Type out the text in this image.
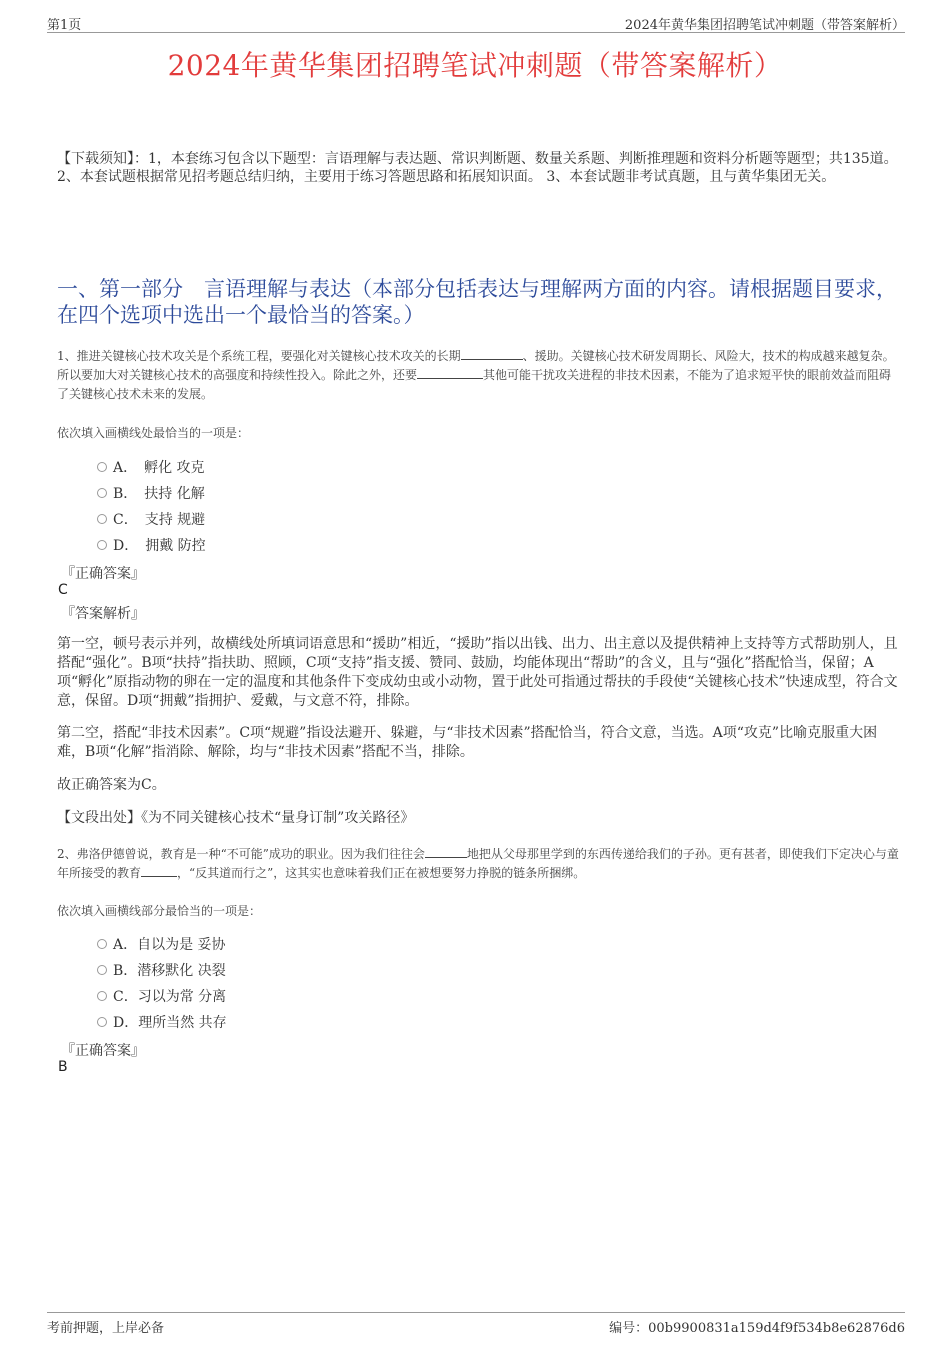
第1页	2024年黄华集团招聘笔试冲刺题（带答案解析）
2024年黄华集团招聘笔试冲刺题（带答案解析）
【下载须知】：1，本套练习包含以下题型：言语理解与表达题、常识判断题、数量关系题、判断推理题和资料分析题等题型；共135道。 2、本套试题根据常见招考题总结归纳，主要用于练习答题思路和拓展知识面。 3、本套试题非考试真题，且与黄华集团无关。
一、第一部分　言语理解与表达（本部分包括表达与理解两方面的内容。请根据题目要求，在四个选项中选出一个最恰当的答案。）
1、推进关键核心技术攻关是个系统工程，要强化对关键核心技术攻关的长期	、援助。关键核心技术研发周期长、风险大，技术的构成越来越复杂。所以要加大对关键核心技术的高强度和持续性投入。除此之外，还要	其他可能干扰攻关进程的非技术因素，不能为了追求短平快的眼前效益而阻碍了关键核心技术未来的发展。
依次填入画横线处最恰当的一项是：
A．　孵化 攻克
B．　扶持 化解
C．　支持 规避
D．　拥戴 防控
『正确答案』
C
『答案解析』
第一空，顿号表示并列，故横线处所填词语意思和“援助”相近，“援助”指以出钱、出力、出主意以及提供精神上支持等方式帮助别人，且搭配“强化”。B项“扶持”指扶助、照顾，C项“支持”指支援、赞同、鼓励，均能体现出“帮助”的含义，且与“强化”搭配恰当，保留；A项“孵化”原指动物的卵在一定的温度和其他条件下变成幼虫或小动物，置于此处可指通过帮扶的手段使“关键核心技术”快速成型，符合文意，保留。D项“拥戴”指拥护、爱戴，与文意不符，排除。
第二空，搭配“非技术因素”。C项“规避”指设法避开、躲避，与“非技术因素”搭配恰当，符合文意，当选。A项“攻克”比喻克服重大困难，B项“化解”指消除、解除，均与“非技术因素”搭配不当，排除。
故正确答案为C。
【文段出处】《为不同关键核心技术“量身订制”攻关路径》
2、弗洛伊德曾说，教育是一种“不可能”成功的职业。因为我们往往会	地把从父母那里学到的东西传递给我们的子孙。更有甚者，即使我们下定决心与童年所接受的教育	，“反其道而行之”，这其实也意味着我们正在被想要努力挣脱的链条所捆绑。
依次填入画横线部分最恰当的一项是：
A．自以为是 妥协
B．潜移默化 决裂
C．习以为常 分离
D．理所当然 共存
『正确答案』
B
考前押题，上岸必备	编号：00b9900831a159d4f9f534b8e62876d6
